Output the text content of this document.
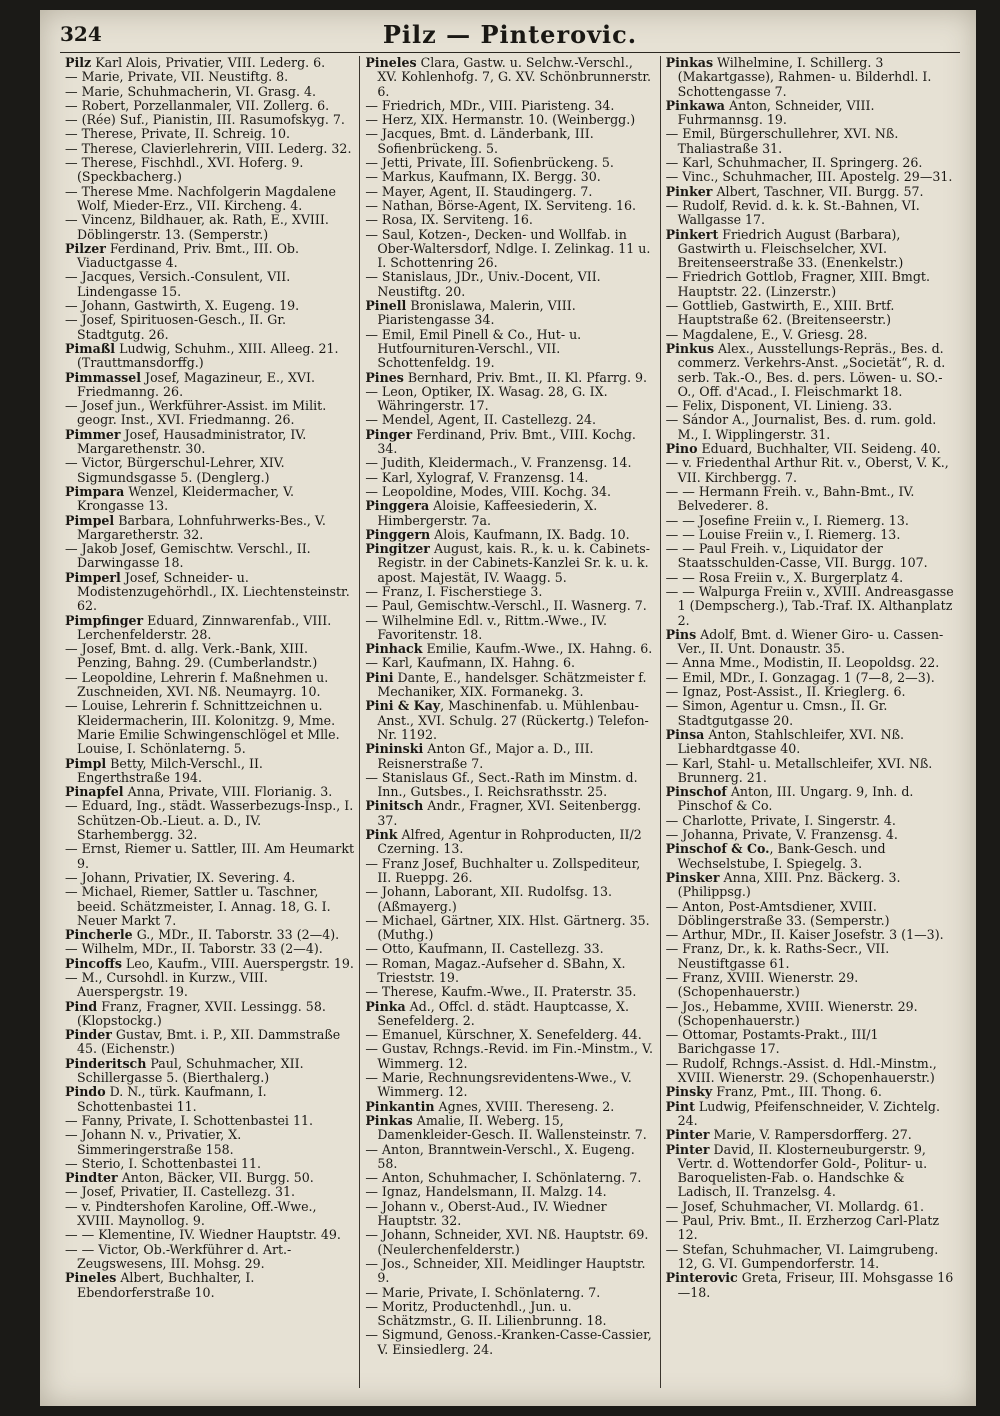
324	Pilz — Pinterovic.

Pilz Karl Alois, Privatier, VIII. Lederg. 6.

— Marie, Private, VII. Neustiftg. 8.

— Marie, Schuhmacherin, VI. Grasg. 4.

— Robert, Porzellanmaler, VII. Zollerg. 6.

— (Rée) Suf., Pianistin, III. Rasumofskyg. 7.

— Therese, Private, II. Schreig. 10.

— Therese, Clavierlehrerin, VIII. Lederg. 32.

— Therese, Fischhdl., XVI. Hoferg. 9. (Speckbacherg.)

— Therese Mme. Nachfolgerin Magdalene Wolf, Mieder-Erz., VII. Kircheng. 4.

— Vincenz, Bildhauer, ak. Rath, E., XVIII. Döblingerstr. 13. (Semperstr.)

Pilzer Ferdinand, Priv. Bmt., III. Ob. Viaductgasse 4.

— Jacques, Versich.-Consulent, VII. Lindengasse 15.

— Johann, Gastwirth, X. Eugeng. 19.

— Josef, Spirituosen-Gesch., II. Gr. Stadtgutg. 26.

Pimaßl Ludwig, Schuhm., XIII. Alleeg. 21. (Trauttmansdorffg.)

Pimmassel Josef, Magazineur, E., XVI. Friedmanng. 26.

— Josef jun., Werkführer-Assist. im Milit. geogr. Inst., XVI. Friedmanng. 26.

Pimmer Josef, Hausadministrator, IV. Margarethenstr. 30.

— Victor, Bürgerschul-Lehrer, XIV. Sigmundsgasse 5. (Denglerg.)

Pimpara Wenzel, Kleidermacher, V. Krongasse 13.

Pimpel Barbara, Lohnfuhrwerks-Bes., V. Margaretherstr. 32.

— Jakob Josef, Gemischtw. Verschl., II. Darwingasse 18.

Pimperl Josef, Schneider- u. Modistenzugehörhdl., IX. Liechtensteinstr. 62.

Pimpfinger Eduard, Zinnwarenfab., VIII. Lerchenfelderstr. 28.

— Josef, Bmt. d. allg. Verk.-Bank, XIII. Penzing, Bahng. 29. (Cumberlandstr.)

— Leopoldine, Lehrerin f. Maßnehmen u. Zuschneiden, XVI. Nß. Neumayrg. 10.

— Louise, Lehrerin f. Schnittzeichnen u. Kleidermacherin, III. Kolonitzg. 9, Mme. Marie Emilie Schwingenschlögel et Mlle. Louise, I. Schönlaterng. 5.

Pimpl Betty, Milch-Verschl., II. Engerthstraße 194.

Pinapfel Anna, Private, VIII. Florianig. 3.

— Eduard, Ing., städt. Wasserbezugs-Insp., I. Schützen-Ob.-Lieut. a. D., IV. Starhembergg. 32.

— Ernst, Riemer u. Sattler, III. Am Heumarkt 9.

— Johann, Privatier, IX. Severing. 4.

— Michael, Riemer, Sattler u. Taschner, beeid. Schätzmeister, I. Annag. 18, G. I. Neuer Markt 7.

Pincherle G., MDr., II. Taborstr. 33 (2—4).

— Wilhelm, MDr., II. Taborstr. 33 (2—4).

Pincoffs Leo, Kaufm., VIII. Auerspergstr. 19.

— M., Cursohdl. in Kurzw., VIII. Auerspergstr. 19.

Pind Franz, Fragner, XVII. Lessingg. 58. (Klopstockg.)

Pinder Gustav, Bmt. i. P., XII. Dammstraße 45. (Eichenstr.)

Pinderitsch Paul, Schuhmacher, XII. Schillergasse 5. (Bierthalerg.)

Pindo D. N., türk. Kaufmann, I. Schottenbastei 11.

— Fanny, Private, I. Schottenbastei 11.

— Johann N. v., Privatier, X. Simmeringerstraße 158.

— Sterio, I. Schottenbastei 11.

Pindter Anton, Bäcker, VII. Burgg. 50.

— Josef, Privatier, II. Castellezg. 31.

— v. Pindtershofen Karoline, Off.-Wwe., XVIII. Maynollog. 9.

— — Klementine, IV. Wiedner Hauptstr. 49.

— — Victor, Ob.-Werkführer d. Art.-Zeugswesens, III. Mohsg. 29.

Pineles Albert, Buchhalter, I. Ebendorferstraße 10.

Pineles Clara, Gastw. u. Selchw.-Verschl., XV. Kohlenhofg. 7, G. XV. Schönbrunnerstr. 6.

— Friedrich, MDr., VIII. Piaristeng. 34.

— Herz, XIX. Hermanstr. 10. (Weinbergg.)

— Jacques, Bmt. d. Länderbank, III. Sofienbrückeng. 5.

— Jetti, Private, III. Sofienbrückeng. 5.

— Markus, Kaufmann, IX. Bergg. 30.

— Mayer, Agent, II. Staudingerg. 7.

— Nathan, Börse-Agent, IX. Serviteng. 16.

— Rosa, IX. Serviteng. 16.

— Saul, Kotzen-, Decken- und Wollfab. in Ober-Waltersdorf, Ndlge. I. Zelinkag. 11 u. I. Schottenring 26.

— Stanislaus, JDr., Univ.-Docent, VII. Neustiftg. 20.

Pinell Bronislawa, Malerin, VIII. Piaristengasse 34.

— Emil, Emil Pinell & Co., Hut- u. Hutfournituren-Verschl., VII. Schottenfeldg. 19.

Pines Bernhard, Priv. Bmt., II. Kl. Pfarrg. 9.

— Leon, Optiker, IX. Wasag. 28, G. IX. Währingerstr. 17.

— Mendel, Agent, II. Castellezg. 24.

Pinger Ferdinand, Priv. Bmt., VIII. Kochg. 34.

— Judith, Kleidermach., V. Franzensg. 14.

— Karl, Xylograf, V. Franzensg. 14.

— Leopoldine, Modes, VIII. Kochg. 34.

Pinggera Aloisie, Kaffeesiederin, X. Himbergerstr. 7a.

Pinggern Alois, Kaufmann, IX. Badg. 10.

Pingitzer August, kais. R., k. u. k. Cabinets-Registr. in der Cabinets-Kanzlei Sr. k. u. k. apost. Majestät, IV. Waagg. 5.

— Franz, I. Fischerstiege 3.

— Paul, Gemischtw.-Verschl., II. Wasnerg. 7.

— Wilhelmine Edl. v., Rittm.-Wwe., IV. Favoritenstr. 18.

Pinhack Emilie, Kaufm.-Wwe., IX. Hahng. 6.

— Karl, Kaufmann, IX. Hahng. 6.

Pini Dante, E., handelsger. Schätzmeister f. Mechaniker, XIX. Formanekg. 3.

Pini & Kay, Maschinenfab. u. Mühlenbau-Anst., XVI. Schulg. 27 (Rückertg.) Telefon-Nr. 1192.

Pininski Anton Gf., Major a. D., III. Reisnerstraße 7.

— Stanislaus Gf., Sect.-Rath im Minstm. d. Inn., Gutsbes., I. Reichsrathsstr. 25.

Pinitsch Andr., Fragner, XVI. Seitenbergg. 37.

Pink Alfred, Agentur in Rohproducten, II/2 Czerning. 13.

— Franz Josef, Buchhalter u. Zollspediteur, II. Rueppg. 26.

— Johann, Laborant, XII. Rudolfsg. 13. (Aßmayerg.)

— Michael, Gärtner, XIX. Hlst. Gärtnerg. 35. (Muthg.)

— Otto, Kaufmann, II. Castellezg. 33.

— Roman, Magaz.-Aufseher d. SBahn, X. Trieststr. 19.

— Therese, Kaufm.-Wwe., II. Praterstr. 35.

Pinka Ad., Offcl. d. städt. Hauptcasse, X. Senefelderg. 2.

— Emanuel, Kürschner, X. Senefelderg. 44.

— Gustav, Rchngs.-Revid. im Fin.-Minstm., V. Wimmerg. 12.

— Marie, Rechnungsrevidentens-Wwe., V. Wimmerg. 12.

Pinkantin Agnes, XVIII. Thereseng. 2.

Pinkas Amalie, II. Weberg. 15, Damenkleider-Gesch. II. Wallensteinstr. 7.

— Anton, Branntwein-Verschl., X. Eugeng. 58.

— Anton, Schuhmacher, I. Schönlaterng. 7.

— Ignaz, Handelsmann, II. Malzg. 14.

— Johann v., Oberst-Aud., IV. Wiedner Hauptstr. 32.

— Johann, Schneider, XVI. Nß. Hauptstr. 69. (Neulerchenfelderstr.)

— Jos., Schneider, XII. Meidlinger Hauptstr. 9.

— Marie, Private, I. Schönlaterng. 7.

— Moritz, Productenhdl., Jun. u. Schätzmstr., G. II. Lilienbrunng. 18.

— Sigmund, Genoss.-Kranken-Casse-Cassier, V. Einsiedlerg. 24.

Pinkas Wilhelmine, I. Schillerg. 3 (Makartgasse), Rahmen- u. Bilderhdl. I. Schottengasse 7.

Pinkawa Anton, Schneider, VIII. Fuhrmannsg. 19.

— Emil, Bürgerschullehrer, XVI. Nß. Thaliastraße 31.

— Karl, Schuhmacher, II. Springerg. 26.

— Vinc., Schuhmacher, III. Apostelg. 29—31.

Pinker Albert, Taschner, VII. Burgg. 57.

— Rudolf, Revid. d. k. k. St.-Bahnen, VI. Wallgasse 17.

Pinkert Friedrich August (Barbara), Gastwirth u. Fleischselcher, XVI. Breitenseerstraße 33. (Enenkelstr.)

— Friedrich Gottlob, Fragner, XIII. Bmgt. Hauptstr. 22. (Linzerstr.)

— Gottlieb, Gastwirth, E., XIII. Brtf. Hauptstraße 62. (Breitenseerstr.)

— Magdalene, E., V. Griesg. 28.

Pinkus Alex., Ausstellungs-Repräs., Bes. d. commerz. Verkehrs-Anst. „Societät“, R. d. serb. Tak.-O., Bes. d. pers. Löwen- u. SO.-O., Off. d'Acad., I. Fleischmarkt 18.

— Felix, Disponent, VI. Linieng. 33.

— Sándor A., Journalist, Bes. d. rum. gold. M., I. Wipplingerstr. 31.

Pino Eduard, Buchhalter, VII. Seideng. 40.

— v. Friedenthal Arthur Rit. v., Oberst, V. K., VII. Kirchbergg. 7.

— — Hermann Freih. v., Bahn-Bmt., IV. Belvederег. 8.

— — Josefine Freiin v., I. Riemerg. 13.

— — Louise Freiin v., I. Riemerg. 13.

— — Paul Freih. v., Liquidator der Staatsschulden-Casse, VII. Burgg. 107.

— — Rosa Freiin v., X. Burgerplatz 4.

— — Walpurga Freiin v., XVIII. Andreasgasse 1 (Dempscherg.), Tab.-Traf. IX. Althanplatz 2.

Pins Adolf, Bmt. d. Wiener Giro- u. Cassen-Ver., II. Unt. Donaustr. 35.

— Anna Mme., Modistin, II. Leopoldsg. 22.

— Emil, MDr., I. Gonzagag. 1 (7—8, 2—3).

— Ignaz, Post-Assist., II. Kriegleгg. 6.

— Simon, Agentur u. Cmsn., II. Gr. Stadtgutgasse 20.

Pinsa Anton, Stahlschleifer, XVI. Nß. Liebhardtgasse 40.

— Karl, Stahl- u. Metallschleifer, XVI. Nß. Brunnerg. 21.

Pinschof Anton, III. Ungarg. 9, Inh. d. Pinschof & Co.

— Charlotte, Private, I. Singerstr. 4.

— Johanna, Private, V. Franzensg. 4.

Pinschof & Co., Bank-Gesch. und Wechselstube, I. Spiegelg. 3.

Pinsker Anna, XIII. Pnz. Bäckerg. 3. (Philippsg.)

— Anton, Post-Amtsdiener, XVIII. Döblingerstraße 33. (Semperstr.)

— Arthur, MDr., II. Kaiser Josefstr. 3 (1—3).

— Franz, Dr., k. k. Raths-Secr., VII. Neustiftgasse 61.

— Franz, XVIII. Wienerstr. 29. (Schopenhauerstr.)

— Jos., Hebamme, XVIII. Wienerstr. 29. (Schopenhauerstr.)

— Ottomar, Postamts-Prakt., III/1 Barichgasse 17.

— Rudolf, Rchngs.-Assist. d. Hdl.-Minstm., XVIII. Wienerstr. 29. (Schopenhauerstr.)

Pinsky Franz, Pmt., III. Thong. 6.

Pint Ludwig, Pfeifenschneider, V. Zichtelg. 24.

Pinter Marie, V. Rampersdorfferg. 27.

Pinter David, II. Klosterneuburgerstr. 9, Vertr. d. Wottendorfer Gold-, Politur- u. Baroquelisten-Fab. o. Handschke & Ladisch, II. Tranzelsg. 4.

— Josef, Schuhmacher, VI. Mollardg. 61.

— Paul, Priv. Bmt., II. Erzherzog Carl-Platz 12.

— Stefan, Schuhmacher, VI. Laimgrubeng. 12, G. VI. Gumpendorferstr. 14.

Pinterovic Greta, Friseur, III. Mohsgasse 16—18.
